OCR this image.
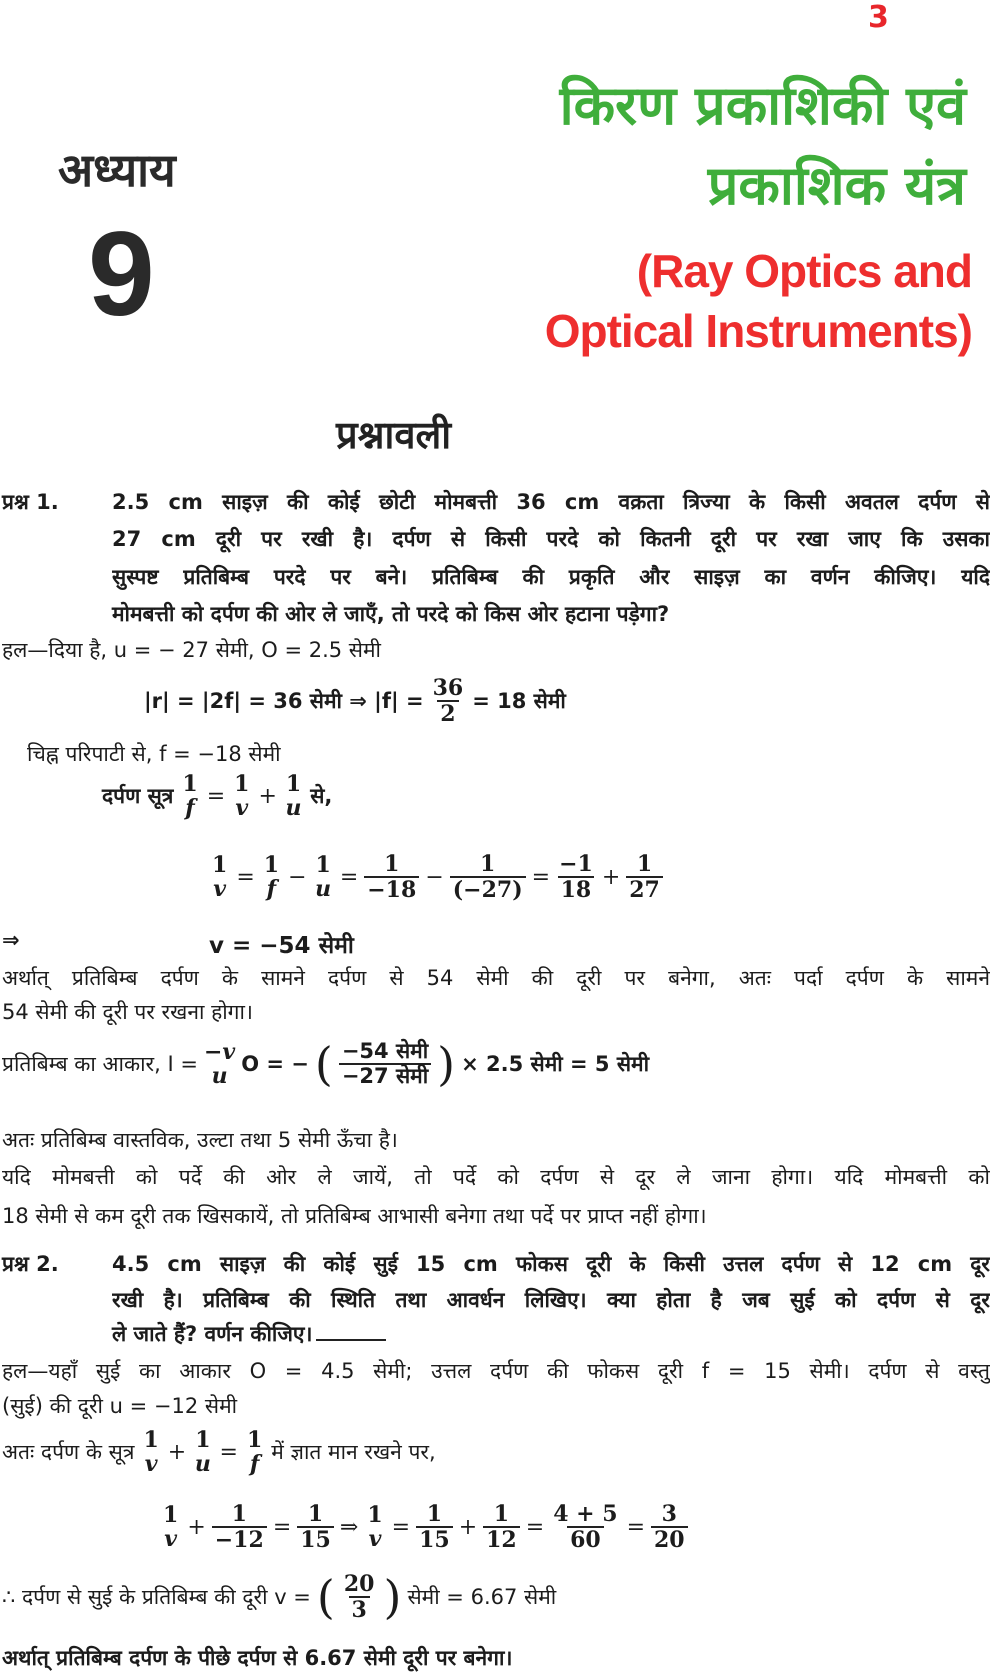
3
अध्याय
9
किरण प्रकाशिकी एवं
प्रकाशिक यंत्र
(Ray Optics and
Optical Instruments)
प्रश्नावली
प्रश्न 1.	2.5 cm साइज़ की कोई छोटी मोमबत्ती 36 cm वक्रता त्रिज्या के किसी अवतल दर्पण से
27 cm दूरी पर रखी है। दर्पण से किसी परदे को कितनी दूरी पर रखा जाए कि उसका
सुस्पष्ट प्रतिबिम्ब परदे पर बने। प्रतिबिम्ब की प्रकृति और साइज़ का वर्णन कीजिए। यदि
मोमबत्ती को दर्पण की ओर ले जाएँ, तो परदे को किस ओर हटाना पड़ेगा?
हल—दिया है, u = − 27 सेमी, O = 2.5 सेमी
|r| = |2f| = 36 सेमी ⇒ $|f| = \frac{36}{2} = 18$ सेमी
चिह्न परिपाटी से, f = −18 सेमी
दर्पण सूत्र 1
f = 1
v + 1
u से,
1
v = 1
f − 1
$u = \frac{1}{-18} - \frac{1}{(-27)} = \frac{-1}{18} + \frac{1}{27}$
⇒	v = −54 सेमी
अर्थात् प्रतिबिम्ब दर्पण के सामने दर्पण से 54 सेमी की दूरी पर बनेगा, अतः पर्दा दर्पण के सामने
54 सेमी की दूरी पर रखना होगा।
प्रतिबिम्ब का आकार, I = −v
u O = − ( $\frac{\text{−54 सेमी}}{\text{−27 सेमी}}$ ) × 2.5 सेमी = 5 सेमी
अतः प्रतिबिम्ब वास्तविक, उल्टा तथा 5 सेमी ऊँचा है।
यदि मोमबत्ती को पर्दे की ओर ले जायें, तो पर्दे को दर्पण से दूर ले जाना होगा। यदि मोमबत्ती को
18 सेमी से कम दूरी तक खिसकायें, तो प्रतिबिम्ब आभासी बनेगा तथा पर्दे पर प्राप्त नहीं होगा।
प्रश्न 2.	4.5 cm साइज़ की कोई सुई 15 cm फोकस दूरी के किसी उत्तल दर्पण से 12 cm दूर
रखी है। प्रतिबिम्ब की स्थिति तथा आवर्धन लिखिए। क्या होता है जब सुई को दर्पण से दूर
ले जाते हैं? वर्णन कीजिए।
हल—यहाँ सुई का आकार O = 4.5 सेमी; उत्तल दर्पण की फोकस दूरी f = 15 सेमी। दर्पण से वस्तु
(सुई) की दूरी u = −12 सेमी
अतः दर्पण के सूत्र 1
v + 1
u = 1
f में ज्ञात मान रखने पर,
1
$v + \frac{1}{-12} = \frac{1}{15}$ ⇒ 1
$v = \frac{1}{15} + \frac{1}{12} = \frac{4 + 5}{60} = \frac{3}{20}$
∴ दर्पण से सुई के प्रतिबिम्ब की दूरी v = ( $\frac{20}{3}$ ) सेमी = 6.67 सेमी
अर्थात् प्रतिबिम्ब दर्पण के पीछे दर्पण से 6.67 सेमी दूरी पर बनेगा।
